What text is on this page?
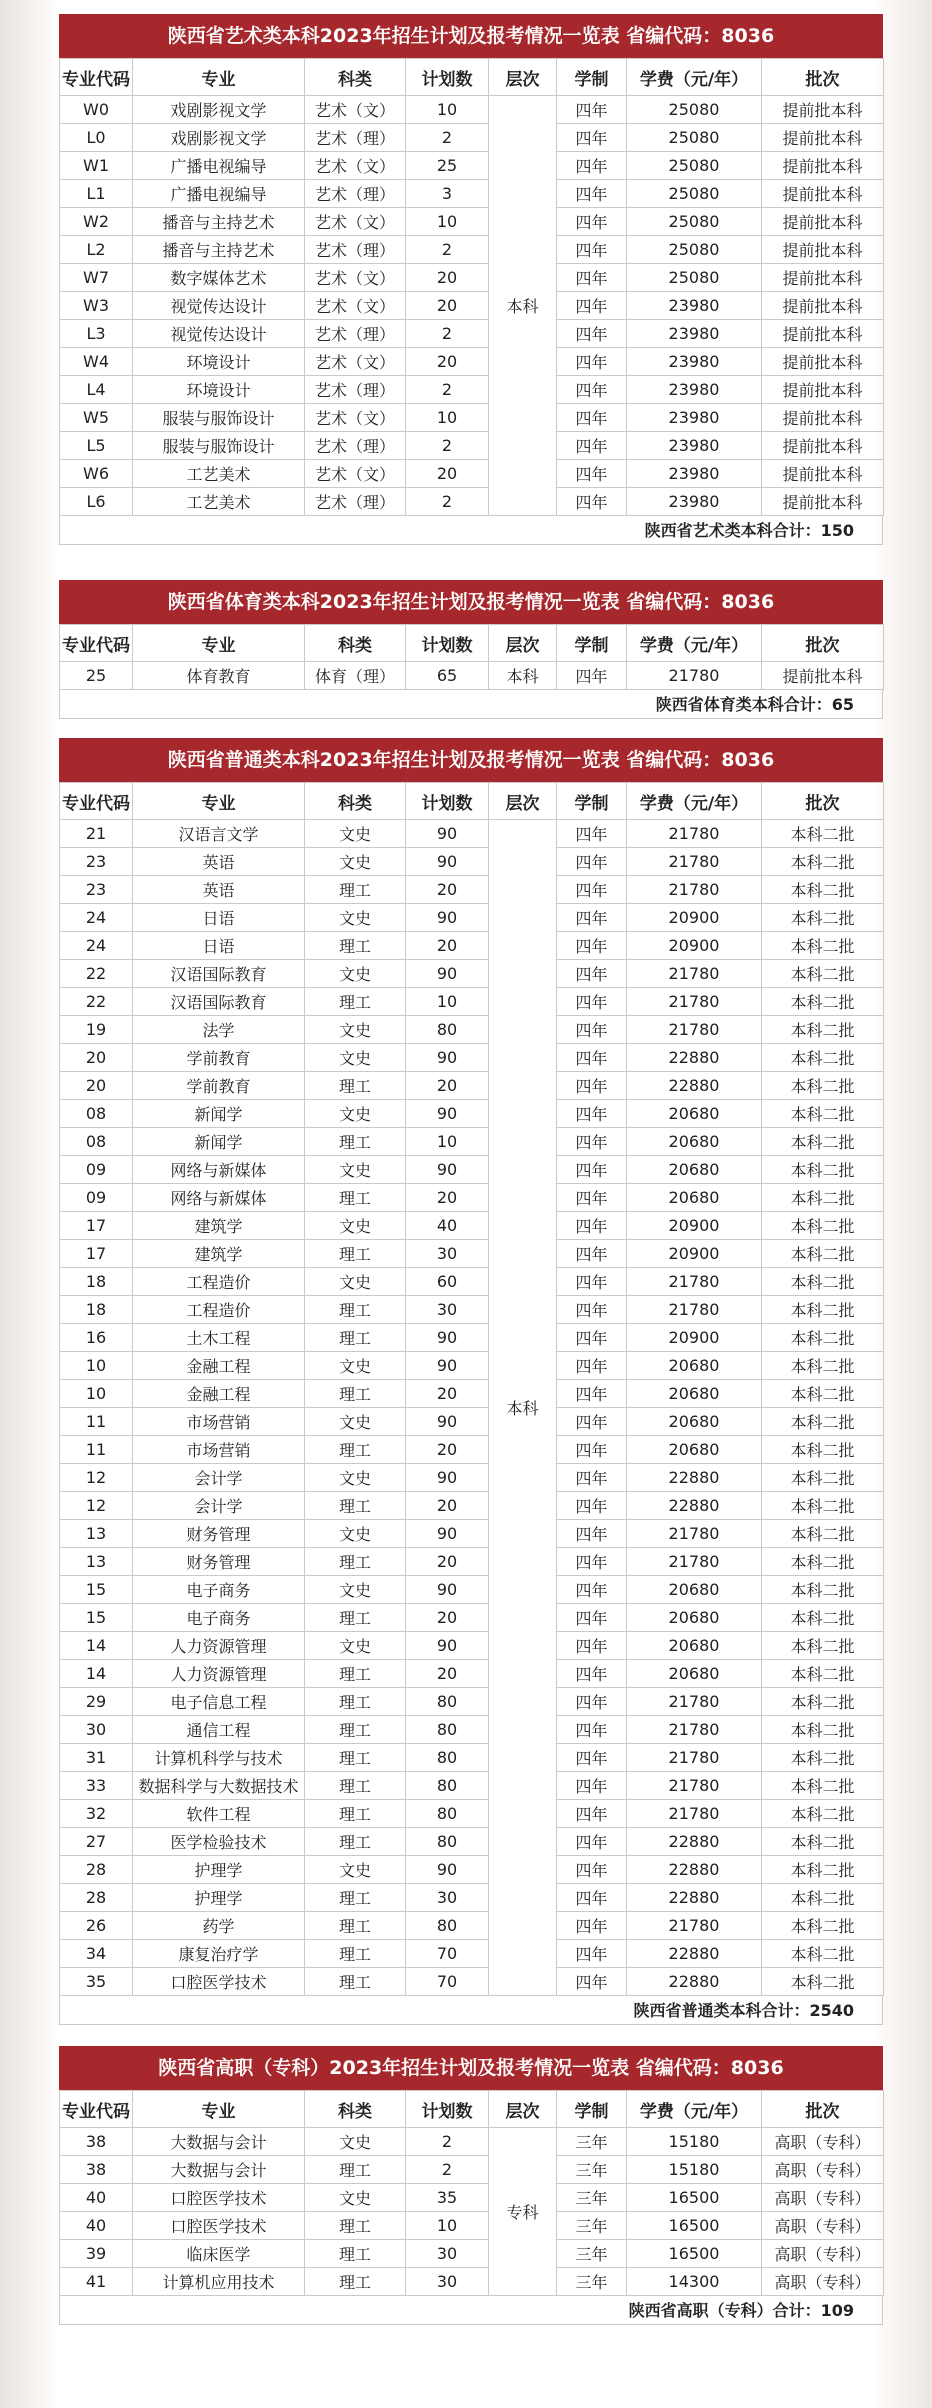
陕西省艺术类本科2023年招生计划及报考情况一览表 省编代码：8036
专业代码	专业	科类	计划数	层次	学制	学费（元/年）	批次
W0	戏剧影视文学	艺术（文）	10	本科	四年	25080	提前批本科
L0	戏剧影视文学	艺术（理）	2		四年	25080	提前批本科
W1	广播电视编导	艺术（文）	25		四年	25080	提前批本科
L1	广播电视编导	艺术（理）	3		四年	25080	提前批本科
W2	播音与主持艺术	艺术（文）	10		四年	25080	提前批本科
L2	播音与主持艺术	艺术（理）	2		四年	25080	提前批本科
W7	数字媒体艺术	艺术（文）	20		四年	25080	提前批本科
W3	视觉传达设计	艺术（文）	20		四年	23980	提前批本科
L3	视觉传达设计	艺术（理）	2		四年	23980	提前批本科
W4	环境设计	艺术（文）	20		四年	23980	提前批本科
L4	环境设计	艺术（理）	2		四年	23980	提前批本科
W5	服装与服饰设计	艺术（文）	10		四年	23980	提前批本科
L5	服装与服饰设计	艺术（理）	2		四年	23980	提前批本科
W6	工艺美术	艺术（文）	20		四年	23980	提前批本科
L6	工艺美术	艺术（理）	2		四年	23980	提前批本科
陕西省艺术类本科合计：150
陕西省体育类本科2023年招生计划及报考情况一览表 省编代码：8036
专业代码	专业	科类	计划数	层次	学制	学费（元/年）	批次
25	体育教育	体育（理）	65	本科	四年	21780	提前批本科
陕西省体育类本科合计：65
陕西省普通类本科2023年招生计划及报考情况一览表 省编代码：8036
专业代码	专业	科类	计划数	层次	学制	学费（元/年）	批次
21	汉语言文学	文史	90	本科	四年	21780	本科二批
23	英语	文史	90		四年	21780	本科二批
23	英语	理工	20		四年	21780	本科二批
24	日语	文史	90		四年	20900	本科二批
24	日语	理工	20		四年	20900	本科二批
22	汉语国际教育	文史	90		四年	21780	本科二批
22	汉语国际教育	理工	10		四年	21780	本科二批
19	法学	文史	80		四年	21780	本科二批
20	学前教育	文史	90		四年	22880	本科二批
20	学前教育	理工	20		四年	22880	本科二批
08	新闻学	文史	90		四年	20680	本科二批
08	新闻学	理工	10		四年	20680	本科二批
09	网络与新媒体	文史	90		四年	20680	本科二批
09	网络与新媒体	理工	20		四年	20680	本科二批
17	建筑学	文史	40		四年	20900	本科二批
17	建筑学	理工	30		四年	20900	本科二批
18	工程造价	文史	60		四年	21780	本科二批
18	工程造价	理工	30		四年	21780	本科二批
16	土木工程	理工	90		四年	20900	本科二批
10	金融工程	文史	90		四年	20680	本科二批
10	金融工程	理工	20		四年	20680	本科二批
11	市场营销	文史	90		四年	20680	本科二批
11	市场营销	理工	20		四年	20680	本科二批
12	会计学	文史	90		四年	22880	本科二批
12	会计学	理工	20		四年	22880	本科二批
13	财务管理	文史	90		四年	21780	本科二批
13	财务管理	理工	20		四年	21780	本科二批
15	电子商务	文史	90		四年	20680	本科二批
15	电子商务	理工	20		四年	20680	本科二批
14	人力资源管理	文史	90		四年	20680	本科二批
14	人力资源管理	理工	20		四年	20680	本科二批
29	电子信息工程	理工	80		四年	21780	本科二批
30	通信工程	理工	80		四年	21780	本科二批
31	计算机科学与技术	理工	80		四年	21780	本科二批
33	数据科学与大数据技术	理工	80		四年	21780	本科二批
32	软件工程	理工	80		四年	21780	本科二批
27	医学检验技术	理工	80		四年	22880	本科二批
28	护理学	文史	90		四年	22880	本科二批
28	护理学	理工	30		四年	22880	本科二批
26	药学	理工	80		四年	21780	本科二批
34	康复治疗学	理工	70		四年	22880	本科二批
35	口腔医学技术	理工	70		四年	22880	本科二批
陕西省普通类本科合计：2540
陕西省高职（专科）2023年招生计划及报考情况一览表 省编代码：8036
专业代码	专业	科类	计划数	层次	学制	学费（元/年）	批次
38	大数据与会计	文史	2	专科	三年	15180	高职（专科）
38	大数据与会计	理工	2		三年	15180	高职（专科）
40	口腔医学技术	文史	35		三年	16500	高职（专科）
40	口腔医学技术	理工	10		三年	16500	高职（专科）
39	临床医学	理工	30		三年	16500	高职（专科）
41	计算机应用技术	理工	30		三年	14300	高职（专科）
陕西省高职（专科）合计：109
